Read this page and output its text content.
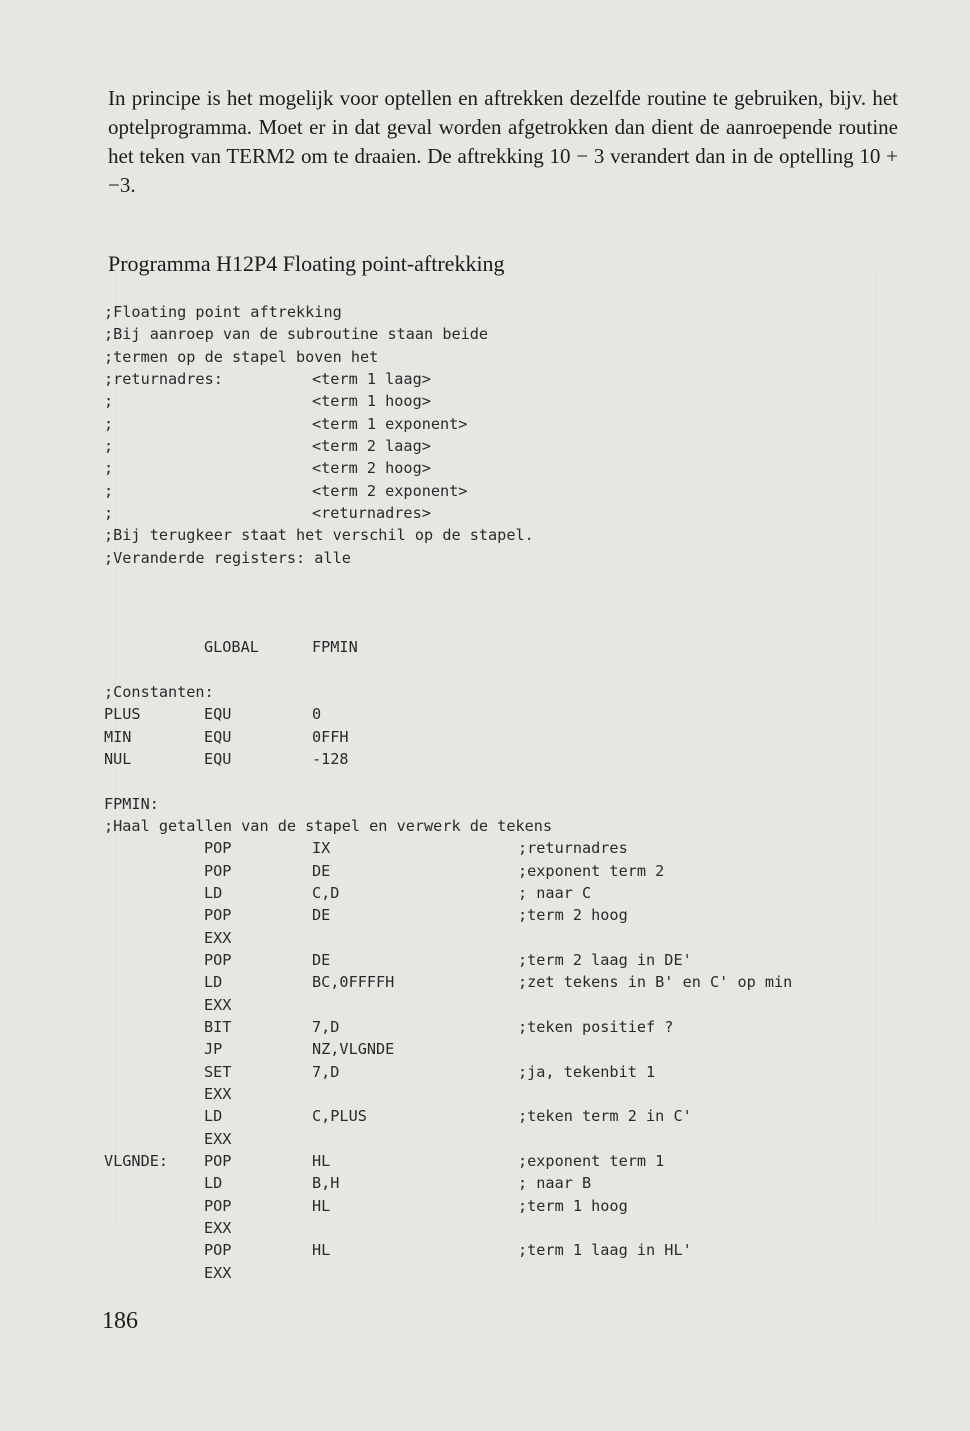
In principe is het mogelijk voor optellen en aftrekken dezelfde routine te gebruiken, bijv. het optelprogramma. Moet er in dat geval worden afgetrokken dan dient de aanroepende routine het teken van TERM2 om te draaien. De aftrekking 10 − 3 verandert dan in de optelling 10 + −3.

Programma H12P4 Floating point-aftrekking
;Floating point aftrekking
;Bij aanroep van de subroutine staan beide
;termen op de stapel boven het
;returnadres:	<term 1 laag>
;	<term 1 hoog>
;	<term 1 exponent>
;	<term 2 laag>
;	<term 2 hoog>
;	<term 2 exponent>
;	<returnadres>
;Bij terugkeer staat het verschil op de stapel.
;Veranderde registers: alle
GLOBAL	FPMIN
;Constanten:
PLUS	EQU	0
MIN	EQU	0FFH
NUL	EQU	-128
FPMIN:
;Haal getallen van de stapel en verwerk de tekens
POP	IX	;returnadres
POP	DE	;exponent term 2
LD	C,D	; naar C
POP	DE	;term 2 hoog
EXX
POP	DE	;term 2 laag in DE'
LD	BC,0FFFFH	;zet tekens in B' en C' op min
EXX
BIT	7,D	;teken positief ?
JP	NZ,VLGNDE
SET	7,D	;ja, tekenbit 1
EXX
LD	C,PLUS	;teken term 2 in C'
EXX
VLGNDE: POP	HL	;exponent term 1
LD	B,H	; naar B
POP	HL	;term 1 hoog
EXX
POP	HL	;term 1 laag in HL'
EXX
186
